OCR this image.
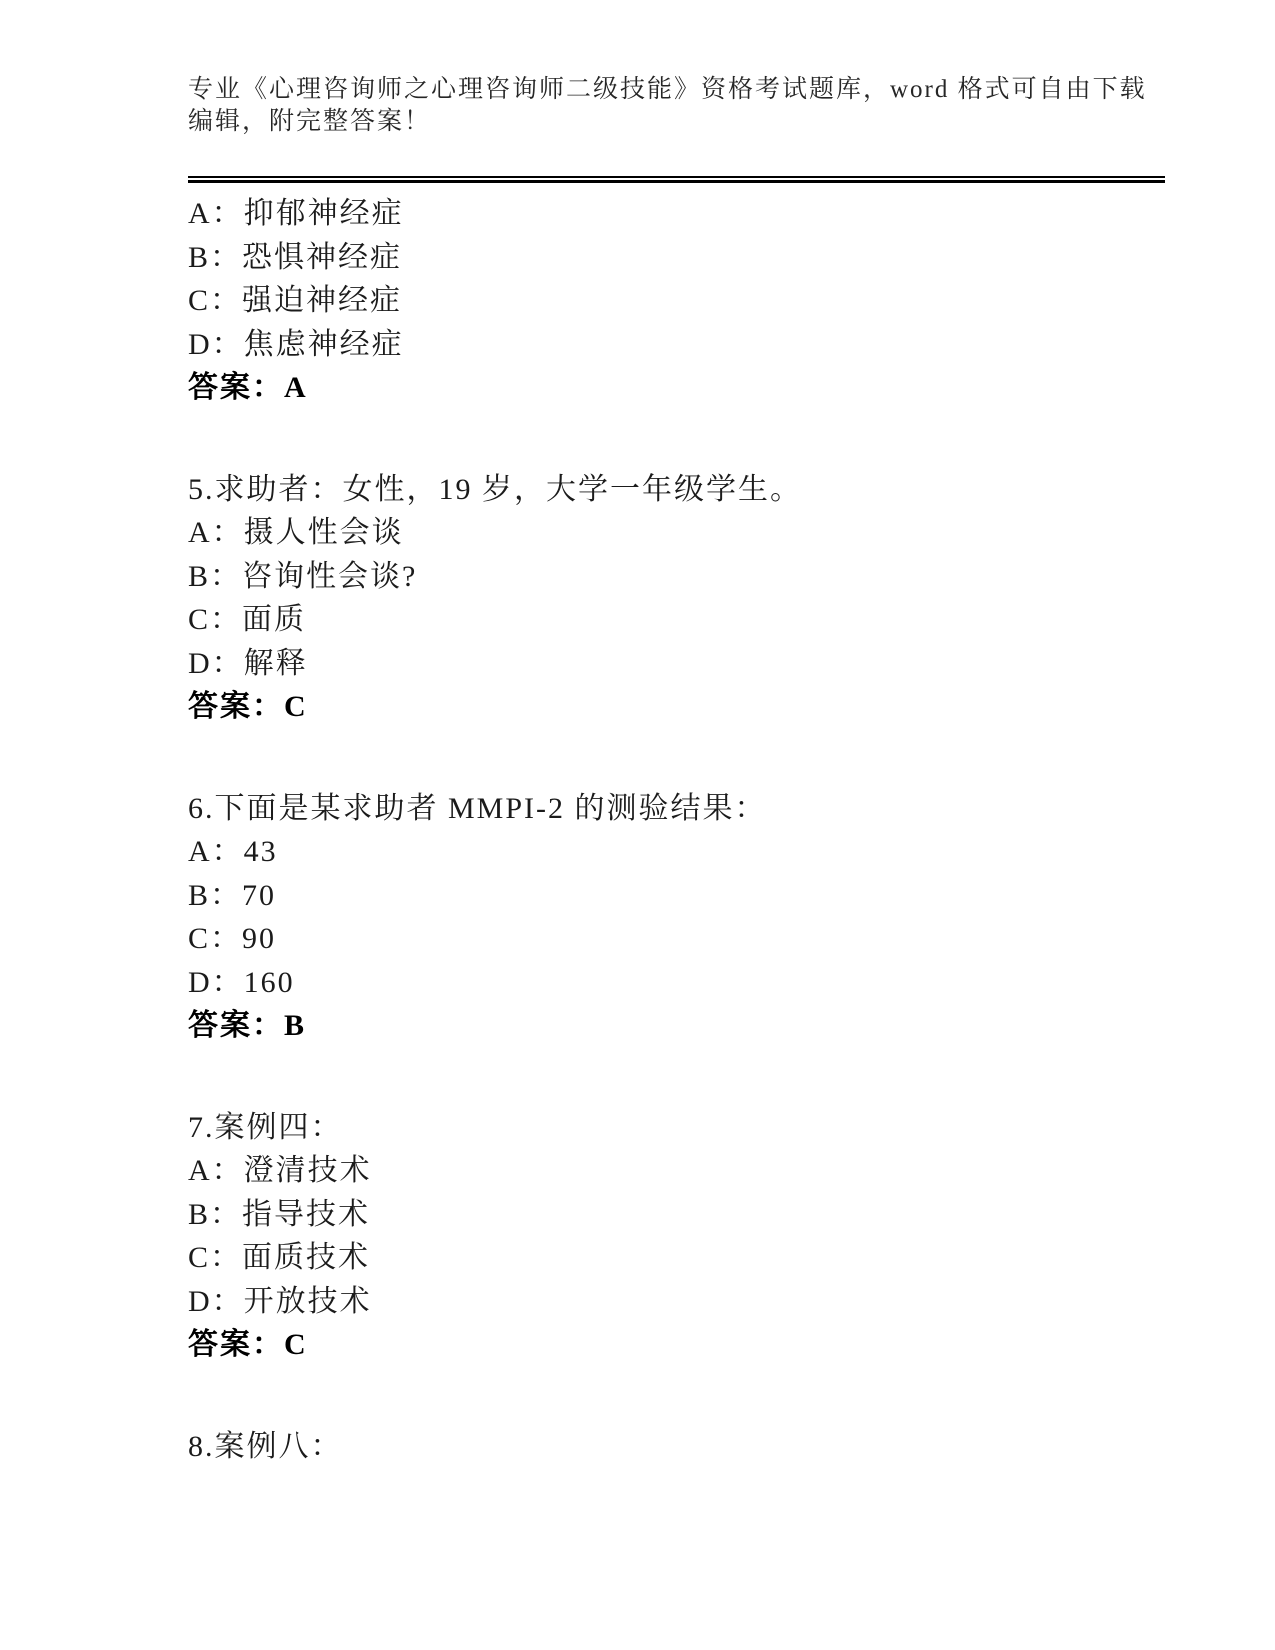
专业《心理咨询师之心理咨询师二级技能》资格考试题库，word 格式可自由下载
编辑，附完整答案！
A：抑郁神经症
B：恐惧神经症
C：强迫神经症
D：焦虑神经症
答案：A
5.求助者：女性，19 岁，大学一年级学生。
A：摄人性会谈
B：咨询性会谈?
C：面质
D：解释
答案：C
6.下面是某求助者 MMPI-2 的测验结果：
A：43
B：70
C：90
D：160
答案：B
7.案例四：
A：澄清技术
B：指导技术
C：面质技术
D：开放技术
答案：C
8.案例八：
